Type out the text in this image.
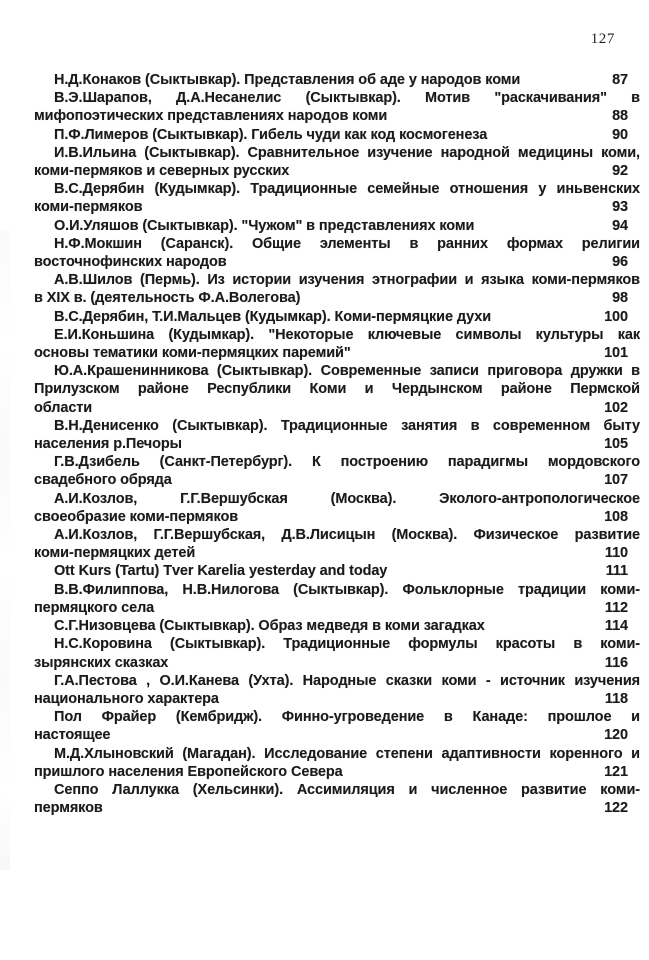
127
Н.Д.Конаков (Сыктывкар). Представления об аде у народов коми	87
В.Э.Шарапов, Д.А.Несанелис (Сыктывкар). Мотив "раскачивания" в
мифопоэтических представлениях народов коми	88
П.Ф.Лимеров (Сыктывкар). Гибель чуди как код космогенеза	90
И.В.Ильина (Сыктывкар). Сравнительное изучение народной медицины коми,
коми-пермяков и северных русских	92
В.С.Дерябин (Кудымкар). Традиционные семейные отношения у иньвенских
коми-пермяков	93
О.И.Уляшов (Сыктывкар). "Чужом" в представлениях коми	94
Н.Ф.Мокшин (Саранск). Общие элементы в ранних формах религии
восточнофинских народов	96
А.В.Шилов (Пермь). Из истории изучения этнографии и языка коми-пермяков
в XIX в. (деятельность Ф.А.Волегова)	98
В.С.Дерябин, Т.И.Мальцев (Кудымкар). Коми-пермяцкие духи	100
Е.И.Коньшина (Кудымкар). "Некоторые ключевые символы культуры как
основы тематики коми-пермяцких паремий"	101
Ю.А.Крашенинникова (Сыктывкар). Современные записи приговора дружки в
Прилузском районе Республики Коми и Чердынском районе Пермской
области	102
В.Н.Денисенко (Сыктывкар). Традиционные занятия в современном быту
населения р.Печоры	105
Г.В.Дзибель (Санкт-Петербург). К построению парадигмы мордовского
свадебного обряда	107
А.И.Козлов, Г.Г.Вершубская (Москва). Эколого-антропологическое
своеобразие коми-пермяков	108
А.И.Козлов, Г.Г.Вершубская, Д.В.Лисицын (Москва). Физическое развитие
коми-пермяцких детей	110
Ott Kurs (Tartu) Tver Karelia yesterday and today	111
В.В.Филиппова, Н.В.Нилогова (Сыктывкар). Фольклорные традиции коми-
пермяцкого села	112
С.Г.Низовцева (Сыктывкар). Образ медведя в коми загадках	114
Н.С.Коровина (Сыктывкар). Традиционные формулы красоты в коми-
зырянских сказках	116
Г.А.Пестова , О.И.Канева (Ухта). Народные сказки коми - источник изучения
национального характера	118
Пол Фрайер (Кембридж). Финно-угроведение в Канаде: прошлое и
настоящее	120
М.Д.Хлыновский (Магадан). Исследование степени адаптивности коренного и
пришлого населения Европейского Севера	121
Сеппо Лаллукка (Хельсинки). Ассимиляция и численное развитие коми-
пермяков	122
